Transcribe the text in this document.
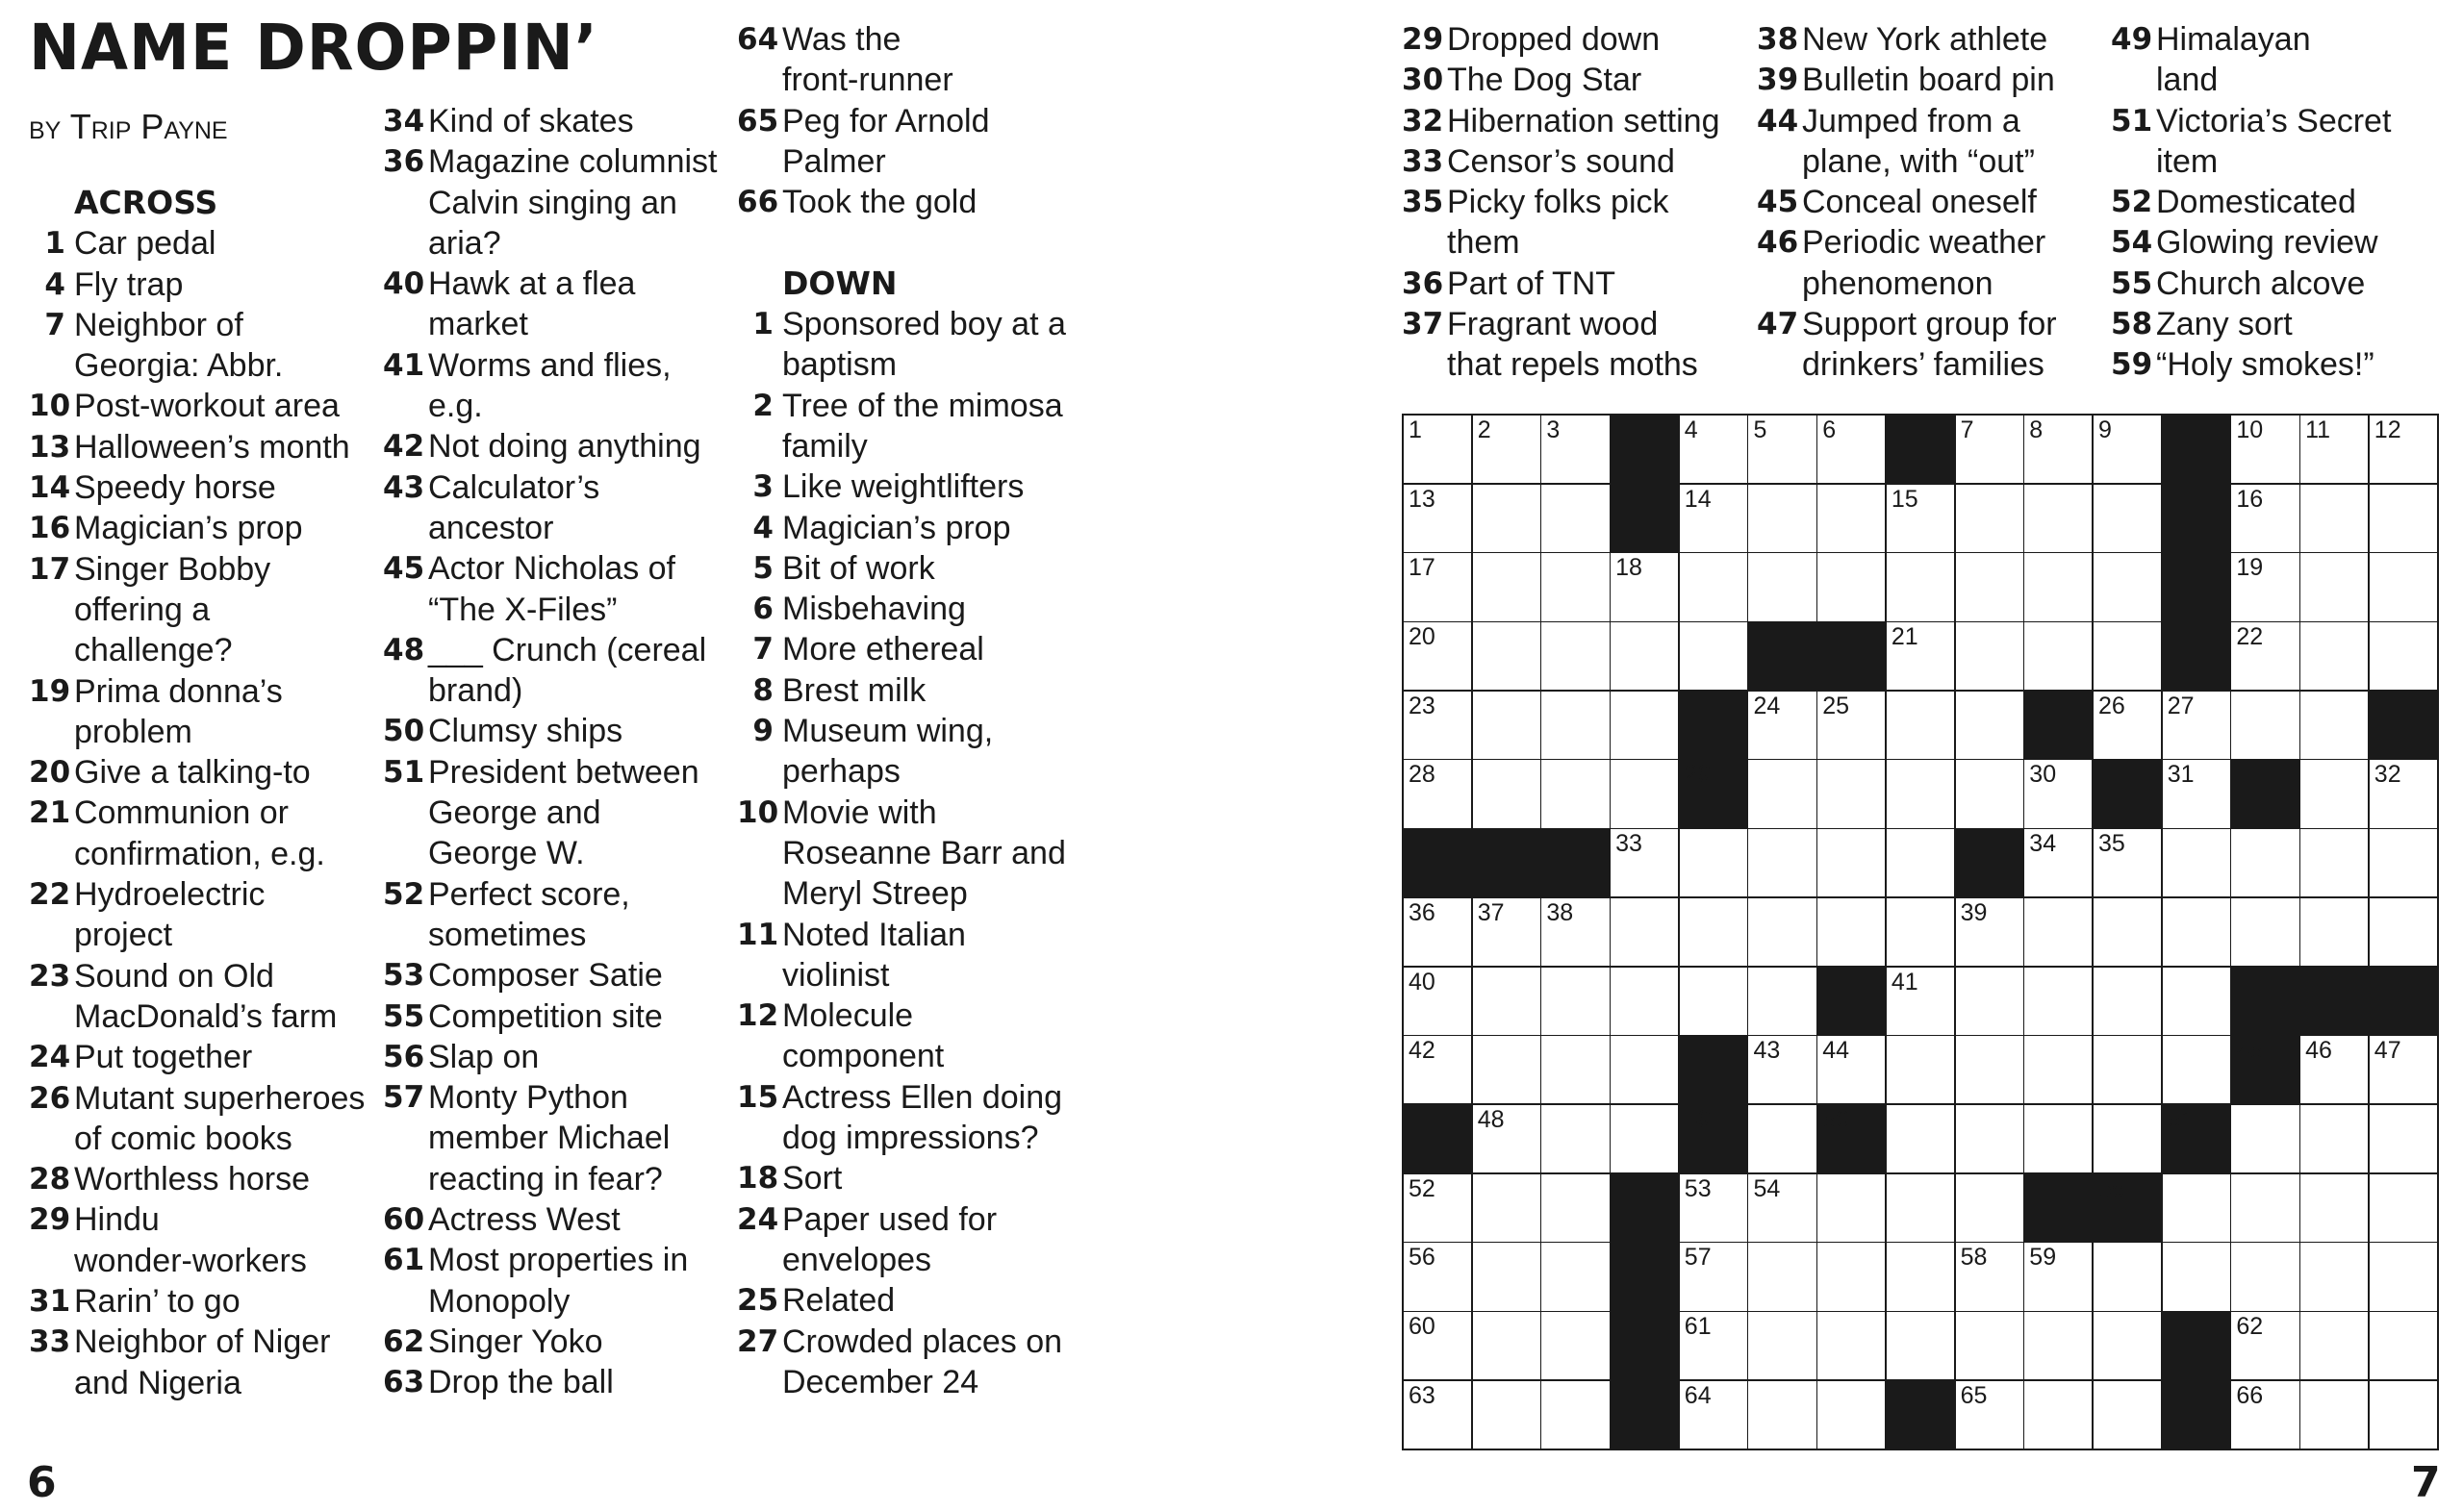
NAME DROPPIN’
by Trip Payne
ACROSS
1 Car pedal
4 Fly trap
7 Neighbor of
Georgia: Abbr.
10 Post-workout area
13 Halloween’s month
14 Speedy horse
16 Magician’s prop
17 Singer Bobby
offering a
challenge?
19 Prima donna’s
problem
20 Give a talking-to
21 Communion or
confirmation, e.g.
22 Hydroelectric
project
23 Sound on Old
MacDonald’s farm
24 Put together
26 Mutant superheroes
of comic books
28 Worthless horse
29 Hindu
wonder-workers
31 Rarin’ to go
33 Neighbor of Niger
and Nigeria
34 Kind of skates
36 Magazine columnist
Calvin singing an
aria?
40 Hawk at a flea
market
41 Worms and flies,
e.g.
42 Not doing anything
43 Calculator’s
ancestor
45 Actor Nicholas of
“The X-Files”
48 ___ Crunch (cereal
brand)
50 Clumsy ships
51 President between
George and
George W.
52 Perfect score,
sometimes
53 Composer Satie
55 Competition site
56 Slap on
57 Monty Python
member Michael
reacting in fear?
60 Actress West
61 Most properties in
Monopoly
62 Singer Yoko
63 Drop the ball
64 Was the
front-runner
65 Peg for Arnold
Palmer
66 Took the gold
DOWN
1 Sponsored boy at a
baptism
2 Tree of the mimosa
family
3 Like weightlifters
4 Magician’s prop
5 Bit of work
6 Misbehaving
7 More ethereal
8 Brest milk
9 Museum wing,
perhaps
10 Movie with
Roseanne Barr and
Meryl Streep
11 Noted Italian
violinist
12 Molecule
component
15 Actress Ellen doing
dog impressions?
18 Sort
24 Paper used for
envelopes
25 Related
27 Crowded places on
December 24
29 Dropped down
30 The Dog Star
32 Hibernation setting
33 Censor’s sound
35 Picky folks pick
them
36 Part of TNT
37 Fragrant wood
that repels moths
38 New York athlete
39 Bulletin board pin
44 Jumped from a
plane, with “out”
45 Conceal oneself
46 Periodic weather
phenomenon
47 Support group for
drinkers’ families
49 Himalayan
land
51 Victoria’s Secret
item
52 Domesticated
54 Glowing review
55 Church alcove
58 Zany sort
59 “Holy smokes!”
1 2 3	4 5 6	7 8 9	10 11 12
13	14	15	16
17	18	19
20	21	22
23	24 25	26 27
28	29	30	31	32
33	34 35
36 37 38	39
40	41
42	43 44	45 46 47
48	49	50	51
52	53 54	55
56	57	58 59
60	61	62
63	64	65	66
6	7
